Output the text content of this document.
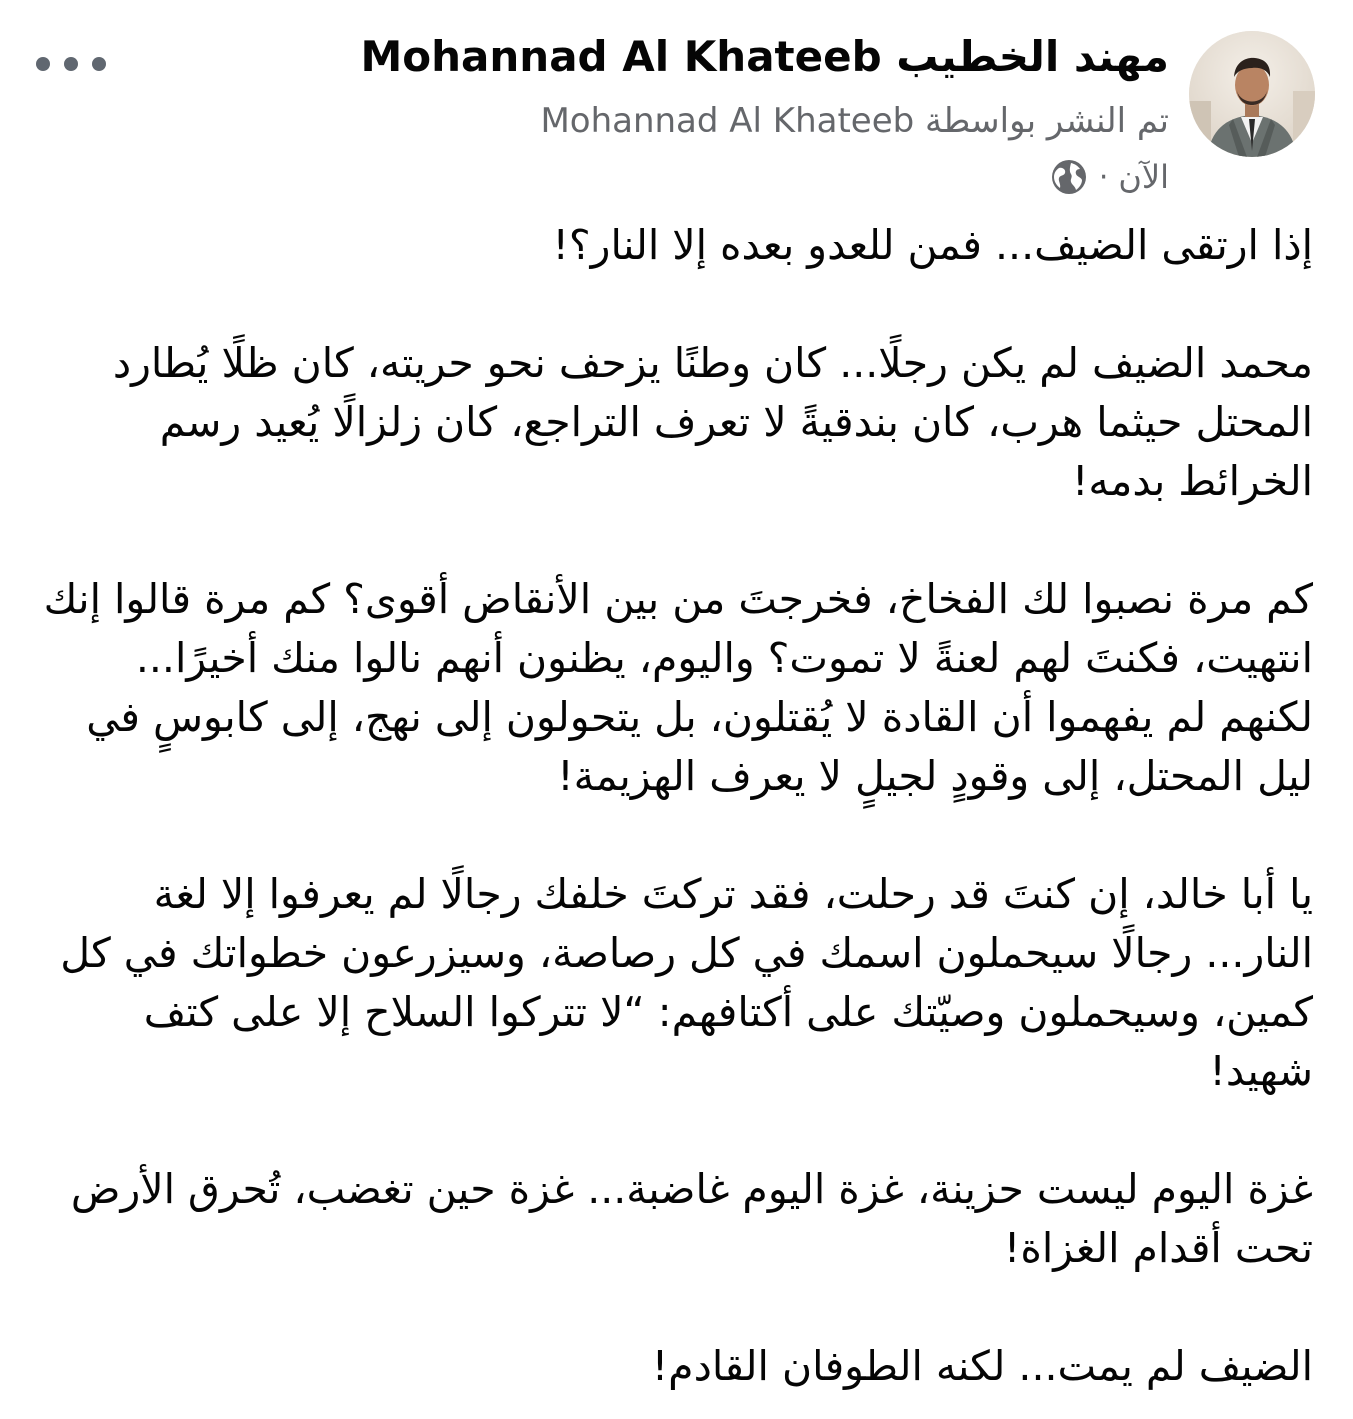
Mohannad Al Khateeb مهند الخطيب
تم النشر بواسطة Mohannad Al Khateeb
الآن
·

إذا ارتقى الضيف... فمن للعدو بعده إلا النار؟!

محمد الضيف لم يكن رجلًا... كان وطنًا يزحف نحو حريته، كان ظلًا يُطارد المحتل حيثما هرب، كان بندقيةً لا تعرف التراجع، كان زلزالًا يُعيد رسم الخرائط بدمه!

كم مرة نصبوا لك الفخاخ، فخرجتَ من بين الأنقاض أقوى؟ كم مرة قالوا إنك انتهيت، فكنتَ لهم لعنةً لا تموت؟ واليوم، يظنون أنهم نالوا منك أخيرًا... لكنهم لم يفهموا أن القادة لا يُقتلون، بل يتحولون إلى نهج، إلى كابوسٍ في ليل المحتل، إلى وقودٍ لجيلٍ لا يعرف الهزيمة!

يا أبا خالد، إن كنتَ قد رحلت، فقد تركتَ خلفك رجالًا لم يعرفوا إلا لغة النار... رجالًا سيحملون اسمك في كل رصاصة، وسيزرعون خطواتك في كل كمين، وسيحملون وصيّتك على أكتافهم: “لا تتركوا السلاح إلا على كتف شهيد!

غزة اليوم ليست حزينة، غزة اليوم غاضبة... غزة حين تغضب، تُحرق الأرض تحت أقدام الغزاة!

الضيف لم يمت... لكنه الطوفان القادم!
